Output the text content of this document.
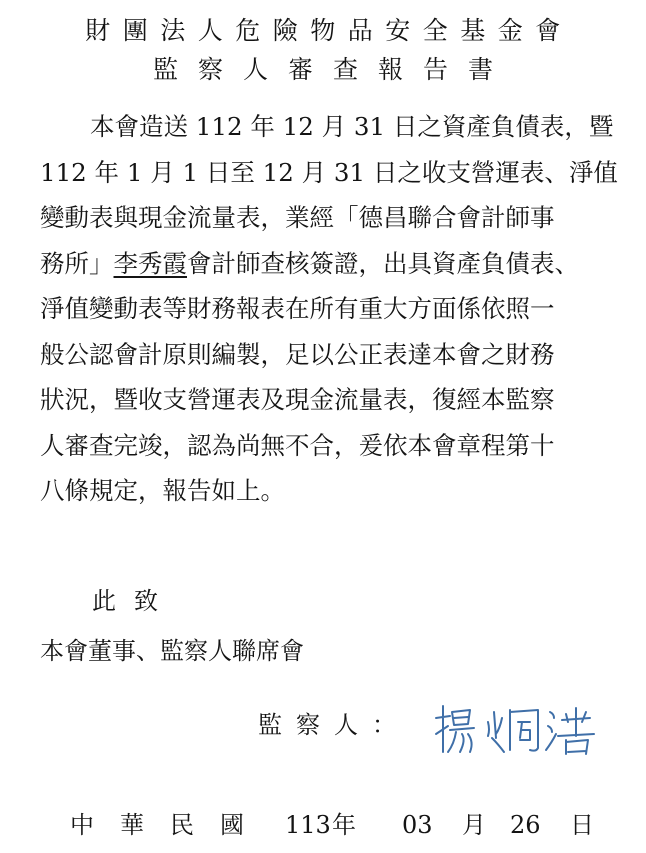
財團法人危險物品安全基金會
監察人審查報告書
本會造送 112 年 12 月 31 日之資產負債表，暨
112 年 1 月 1 日至 12 月 31 日之收支營運表、淨值
變動表與現金流量表，業經「德昌聯合會計師事
務所」李秀霞會計師查核簽證，出具資產負債表、
淨值變動表等財務報表在所有重大方面係依照一
般公認會計原則編製，足以公正表達本會之財務
狀況，暨收支營運表及現金流量表，復經本監察
人審查完竣，認為尚無不合，爰依本會章程第十
八條規定，報告如上。
此致
本會董事、監察人聯席會
監察人：
中華民國 113 年 03 月 26 日
